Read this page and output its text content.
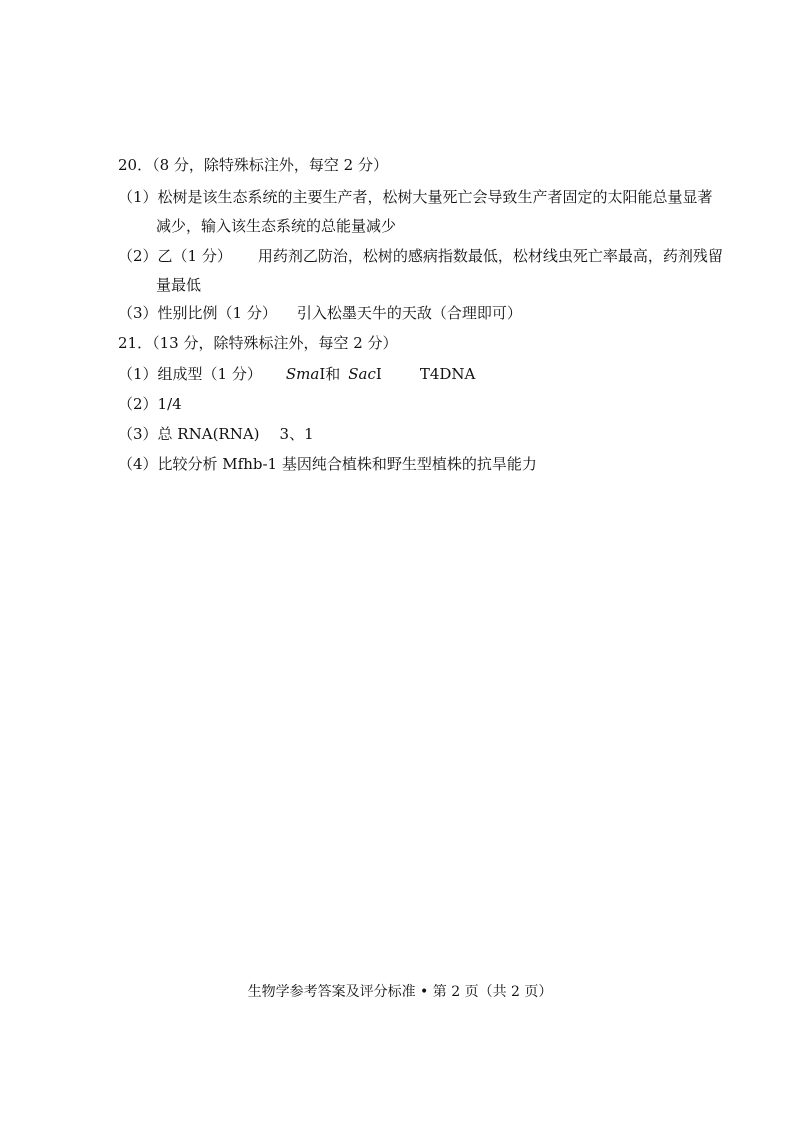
20．（8 分，除特殊标注外，每空 2 分）
（1）松树是该生态系统的主要生产者，松树大量死亡会导致生产者固定的太阳能总量显著
减少，输入该生态系统的总能量减少
（2）乙（1 分） 用药剂乙防治，松树的感病指数最低，松材线虫死亡率最高，药剂残留
量最低
（3）性别比例（1 分） 引入松墨天牛的天敌（合理即可）
21．（13 分，除特殊标注外，每空 2 分）
（1）组成型（1 分） SmaⅠ和 SacⅠ	T4DNA
（2）1/4
（3）总 RNA(RNA) 3、1
（4）比较分析 Mfhb-1 基因纯合植株和野生型植株的抗旱能力
生物学参考答案及评分标准 • 第 2 页（共 2 页）
